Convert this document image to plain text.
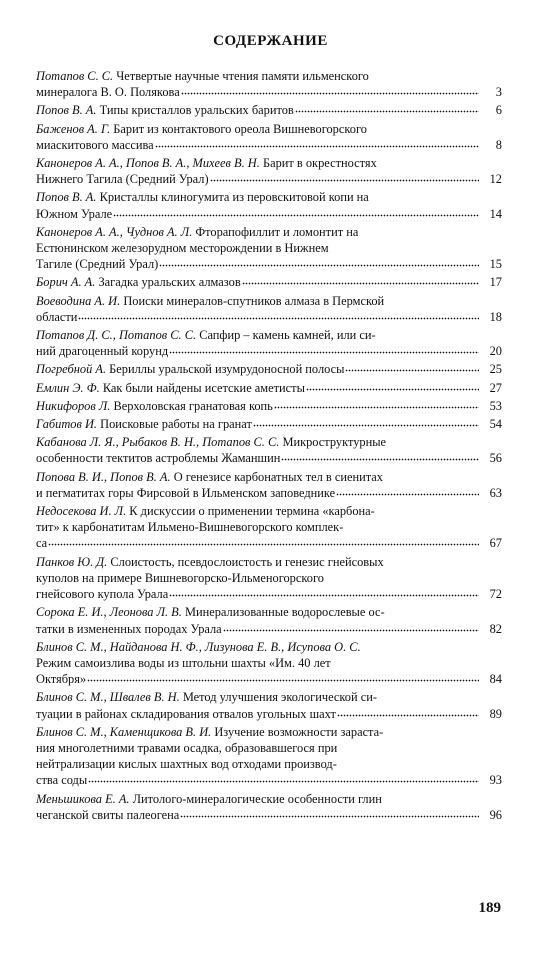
СОДЕРЖАНИЕ
Потапов С. С. Четвертые научные чтения памяти ильменского
минералога В. О. Полякова	3
Попов В. А. Типы кристаллов уральских баритов	6
Баженов А. Г. Барит из контактового ореола Вишневогорского
миаскитового массива	8
Канонеров А. А., Попов В. А., Михеев В. Н. Барит в окрестностях
Нижнего Тагила (Средний Урал)	12
Попов В. А. Кристаллы клиногумита из перовскитовой копи на
Южном Урале	14
Канонеров А. А., Чуднов А. Л. Фторапофиллит и ломонтит на
Естюнинском железорудном месторождении в Нижнем
Тагиле (Средний Урал)	15
Борич А. А. Загадка уральских алмазов	17
Воеводина А. И. Поиски минералов-спутников алмаза в Пермской
области	18
Потапов Д. С., Потапов С. С. Сапфир – камень камней, или си-
ний драгоценный корунд	20
Погребной А. Бериллы уральской изумрудоносной полосы	25
Емлин Э. Ф. Как были найдены исетские аметисты	27
Никифоров Л. Верхоловская гранатовая копь	53
Габитов И. Поисковые работы на гранат	54
Кабанова Л. Я., Рыбаков В. Н., Потапов С. С. Микроструктурные
особенности тектитов астроблемы Жаманшин	56
Попова В. И., Попов В. А. О генезисе карбонатных тел в сиенитах
и пегматитах горы Фирсовой в Ильменском заповеднике	63
Недосекова И. Л. К дискуссии о применении термина «карбона-
тит» к карбонатитам Ильмено-Вишневогорского комплек-
са	67
Панков Ю. Д. Слоистость, псевдослоистость и генезис гнейсовых
куполов на примере Вишневогорско-Ильменогорского
гнейсового купола Урала	72
Сорока Е. И., Леонова Л. В. Минерализованные водорослевые ос-
татки в измененных породах Урала	82
Блинов С. М., Найданова Н. Ф., Лизунова Е. В., Исупова О. С.
Режим самоизлива воды из штольни шахты «Им. 40 лет
Октября»	84
Блинов С. М., Швалев В. Н. Метод улучшения экологической си-
туации в районах складирования отвалов угольных шахт	89
Блинов С. М., Каменщикова В. И. Изучение возможности зараста-
ния многолетними травами осадка, образовавшегося при
нейтрализации кислых шахтных вод отходами производ-
ства соды	93
Меньшикова Е. А. Литолого-минералогические особенности глин
чеганской свиты палеогена	96
189
